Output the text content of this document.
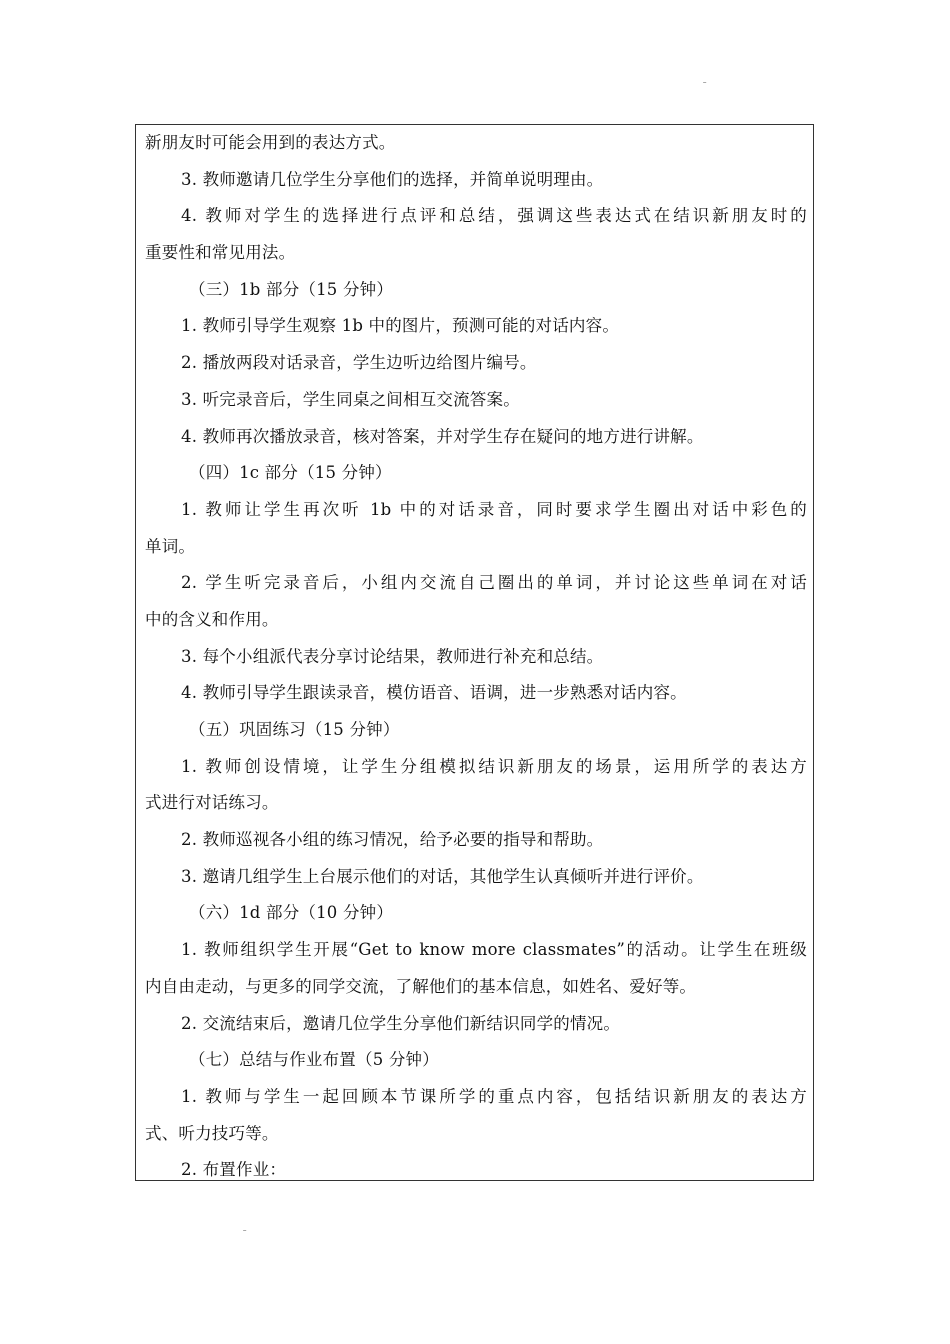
ˍ
新朋友时可能会用到的表达方式。
3. 教师邀请几位学生分享他们的选择，并简单说明理由。
4. 教师对学生的选择进行点评和总结，强调这些表达式在结识新朋友时的
重要性和常见用法。
（三）1b 部分（15 分钟）
1. 教师引导学生观察 1b 中的图片，预测可能的对话内容。
2. 播放两段对话录音，学生边听边给图片编号。
3. 听完录音后，学生同桌之间相互交流答案。
4. 教师再次播放录音，核对答案，并对学生存在疑问的地方进行讲解。
（四）1c 部分（15 分钟）
1. 教师让学生再次听 1b 中的对话录音，同时要求学生圈出对话中彩色的
单词。
2. 学生听完录音后，小组内交流自己圈出的单词，并讨论这些单词在对话
中的含义和作用。
3. 每个小组派代表分享讨论结果，教师进行补充和总结。
4. 教师引导学生跟读录音，模仿语音、语调，进一步熟悉对话内容。
（五）巩固练习（15 分钟）
1. 教师创设情境，让学生分组模拟结识新朋友的场景，运用所学的表达方
式进行对话练习。
2. 教师巡视各小组的练习情况，给予必要的指导和帮助。
3. 邀请几组学生上台展示他们的对话，其他学生认真倾听并进行评价。
（六）1d 部分（10 分钟）
1. 教师组织学生开展“Get to know more classmates”的活动。让学生在班级
内自由走动，与更多的同学交流，了解他们的基本信息，如姓名、爱好等。
2. 交流结束后，邀请几位学生分享他们新结识同学的情况。
（七）总结与作业布置（5 分钟）
1. 教师与学生一起回顾本节课所学的重点内容，包括结识新朋友的表达方
式、听力技巧等。
2. 布置作业：
ˍ
